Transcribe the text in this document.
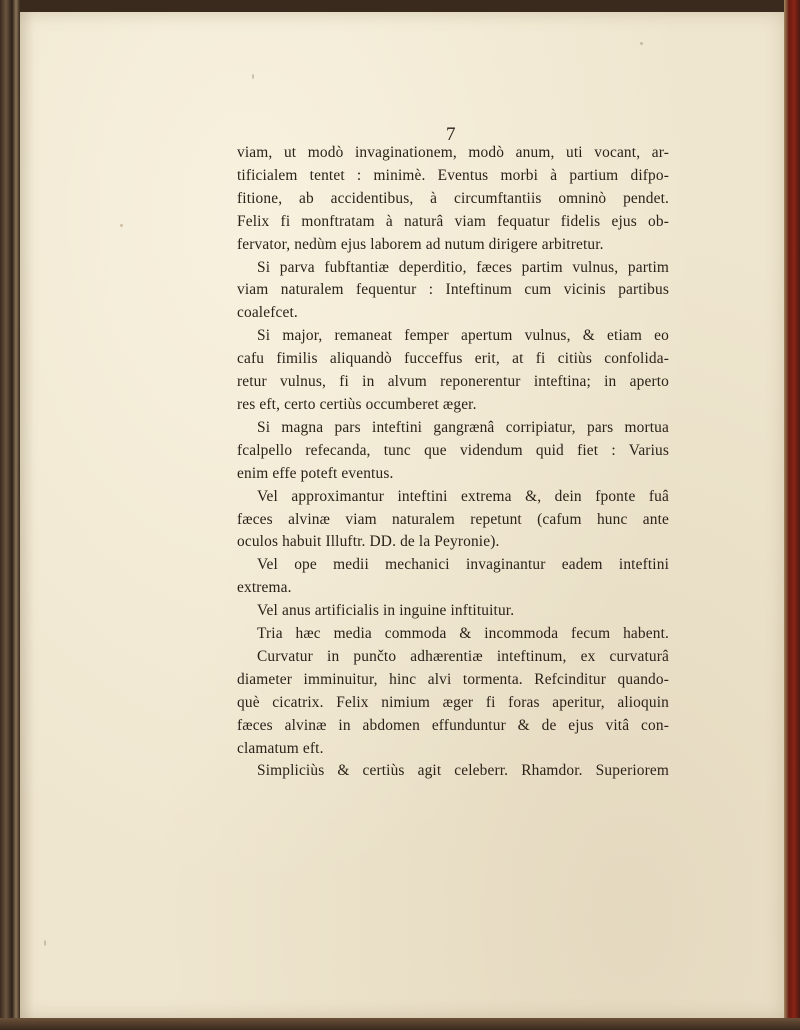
7
viam, ut modò invaginationem, modò anum, uti vocant, ar-
tificialem tentet : minimè. Eventus morbi à partium difpo-
fitione, ab accidentibus, à circumftantiis omninò pendet.
Felix fi monftratam à naturâ viam fequatur fidelis ejus ob-
fervator, nedùm ejus laborem ad nutum dirigere arbitretur.
Si parva fubftantiæ deperditio, fæces partim vulnus, partim
viam naturalem fequentur : Inteftinum cum vicinis partibus
coalefcet.
Si major, remaneat femper apertum vulnus, & etiam eo
cafu fimilis aliquandò fucceffus erit, at fi citiùs confolida-
retur vulnus, fi in alvum reponerentur inteftina; in aperto
res eft, certo certiùs occumberet æger.
Si magna pars inteftini gangrænâ corripiatur, pars mortua
fcalpello refecanda, tunc que videndum quid fiet : Varius
enim effe poteft eventus.
Vel approximantur inteftini extrema &, dein fponte fuâ
fæces alvinæ viam naturalem repetunt (cafum hunc ante
oculos habuit Illuftr. DD. de la Peyronie).
Vel ope medii mechanici invaginantur eadem inteftini
extrema.
Vel anus artificialis in inguine inftituitur.
Tria hæc media commoda & incommoda fecum habent.
Curvatur in punčto adhærentiæ inteftinum, ex curvaturâ
diameter imminuitur, hinc alvi tormenta. Refcinditur quando-
què cicatrix. Felix nimium æger fi foras aperitur, alioquin
fæces alvinæ in abdomen effunduntur & de ejus vitâ con-
clamatum eft.
Simpliciùs & certiùs agit celeberr. Rhamdor. Superiorem
